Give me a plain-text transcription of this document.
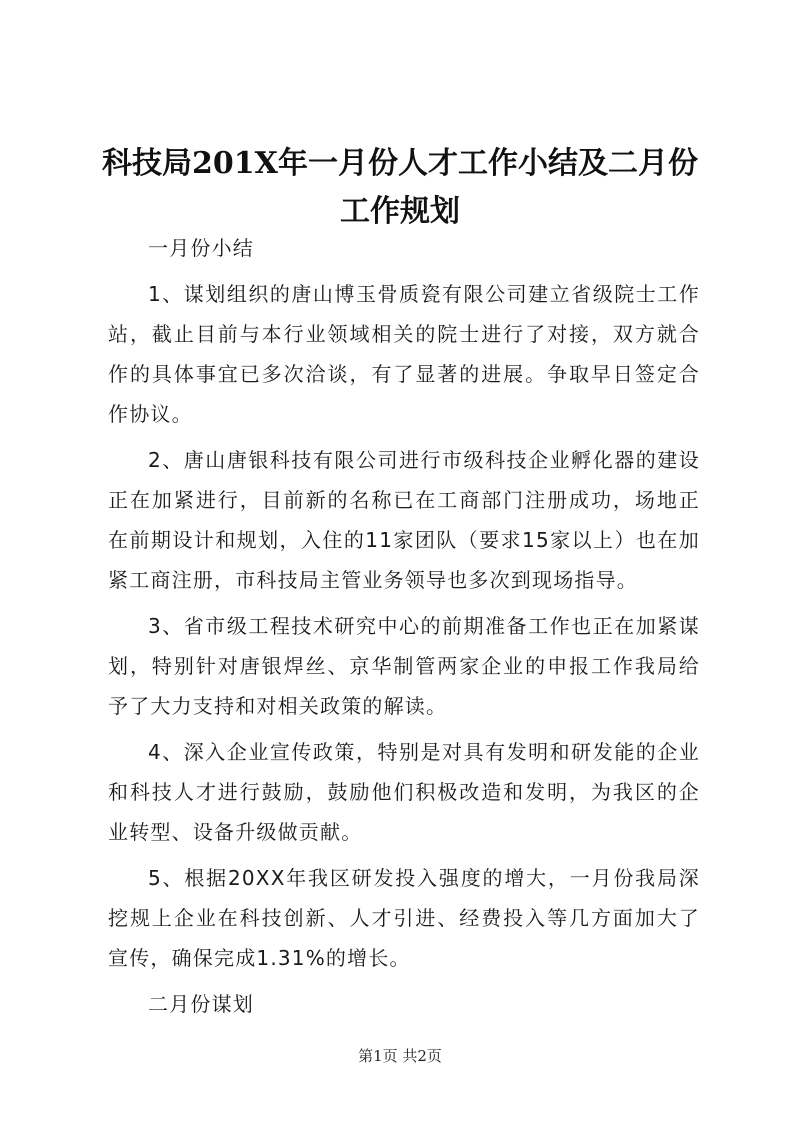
科技局201X年一月份人才工作小结及二月份工作规划

一月份小结

1、谋划组织的唐山博玉骨质瓷有限公司建立省级院士工作站，截止目前与本行业领域相关的院士进行了对接，双方就合作的具体事宜已多次洽谈，有了显著的进展。争取早日签定合作协议。

2、唐山唐银科技有限公司进行市级科技企业孵化器的建设正在加紧进行，目前新的名称已在工商部门注册成功，场地正在前期设计和规划，入住的11家团队（要求15家以上）也在加紧工商注册，市科技局主管业务领导也多次到现场指导。

3、省市级工程技术研究中心的前期准备工作也正在加紧谋划，特别针对唐银焊丝、京华制管两家企业的申报工作我局给予了大力支持和对相关政策的解读。

4、深入企业宣传政策，特别是对具有发明和研发能的企业和科技人才进行鼓励，鼓励他们积极改造和发明，为我区的企业转型、设备升级做贡献。

5、根据20XX年我区研发投入强度的增大，一月份我局深挖规上企业在科技创新、人才引进、经费投入等几方面加大了宣传，确保完成1.31%的增长。

二月份谋划

第1页 共2页
